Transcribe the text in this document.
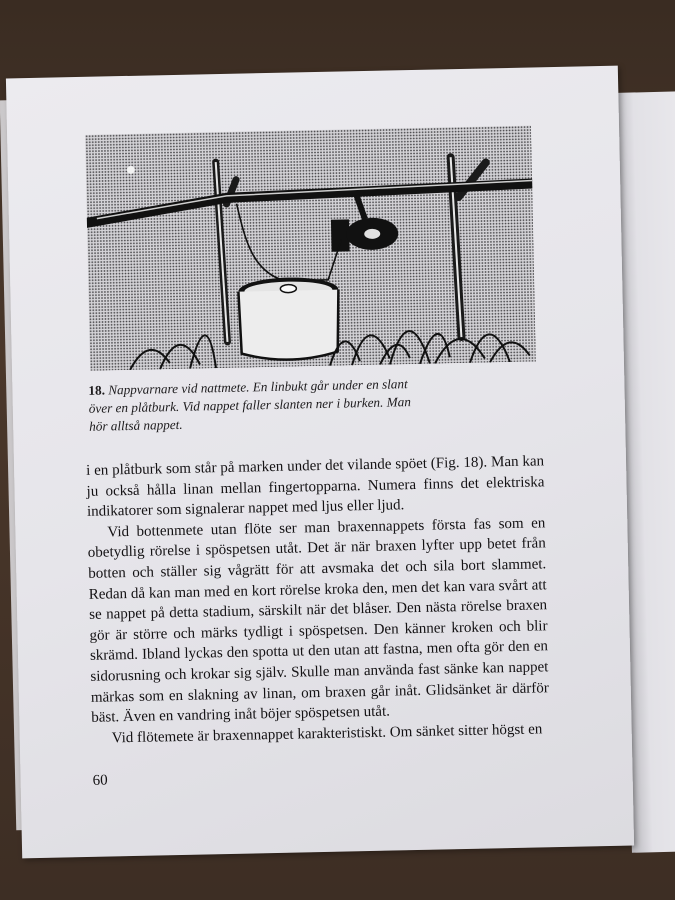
18. Nappvarnare vid nattmete. En linbukt går under en slant över en plåtburk. Vid nappet faller slanten ner i burken. Man hör alltså nappet.

i en plåtburk som står på marken under det vilande spöet (Fig. 18). Man kan ju också hålla linan mellan fingertopparna. Numera finns det elektriska indikatorer som signalerar nappet med ljus eller ljud.

Vid bottenmete utan flöte ser man braxennappets första fas som en obetydlig rörelse i spöspetsen utåt. Det är när braxen lyfter upp betet från botten och ställer sig vågrätt för att avsmaka det och sila bort slammet. Redan då kan man med en kort rörelse kroka den, men det kan vara svårt att se nappet på detta stadium, särskilt när det blåser. Den nästa rörelse braxen gör är större och märks tydligt i spöspetsen. Den känner kroken och blir skrämd. Ibland lyckas den spotta ut den utan att fastna, men ofta gör den en sidorusning och krokar sig själv. Skulle man använda fast sänke kan nappet märkas som en slakning av linan, om braxen går inåt. Glidsänket är därför bäst. Även en vandring inåt böjer spöspetsen utåt.

Vid flötemete är braxennappet karakteristiskt. Om sänket sitter högst en

60
